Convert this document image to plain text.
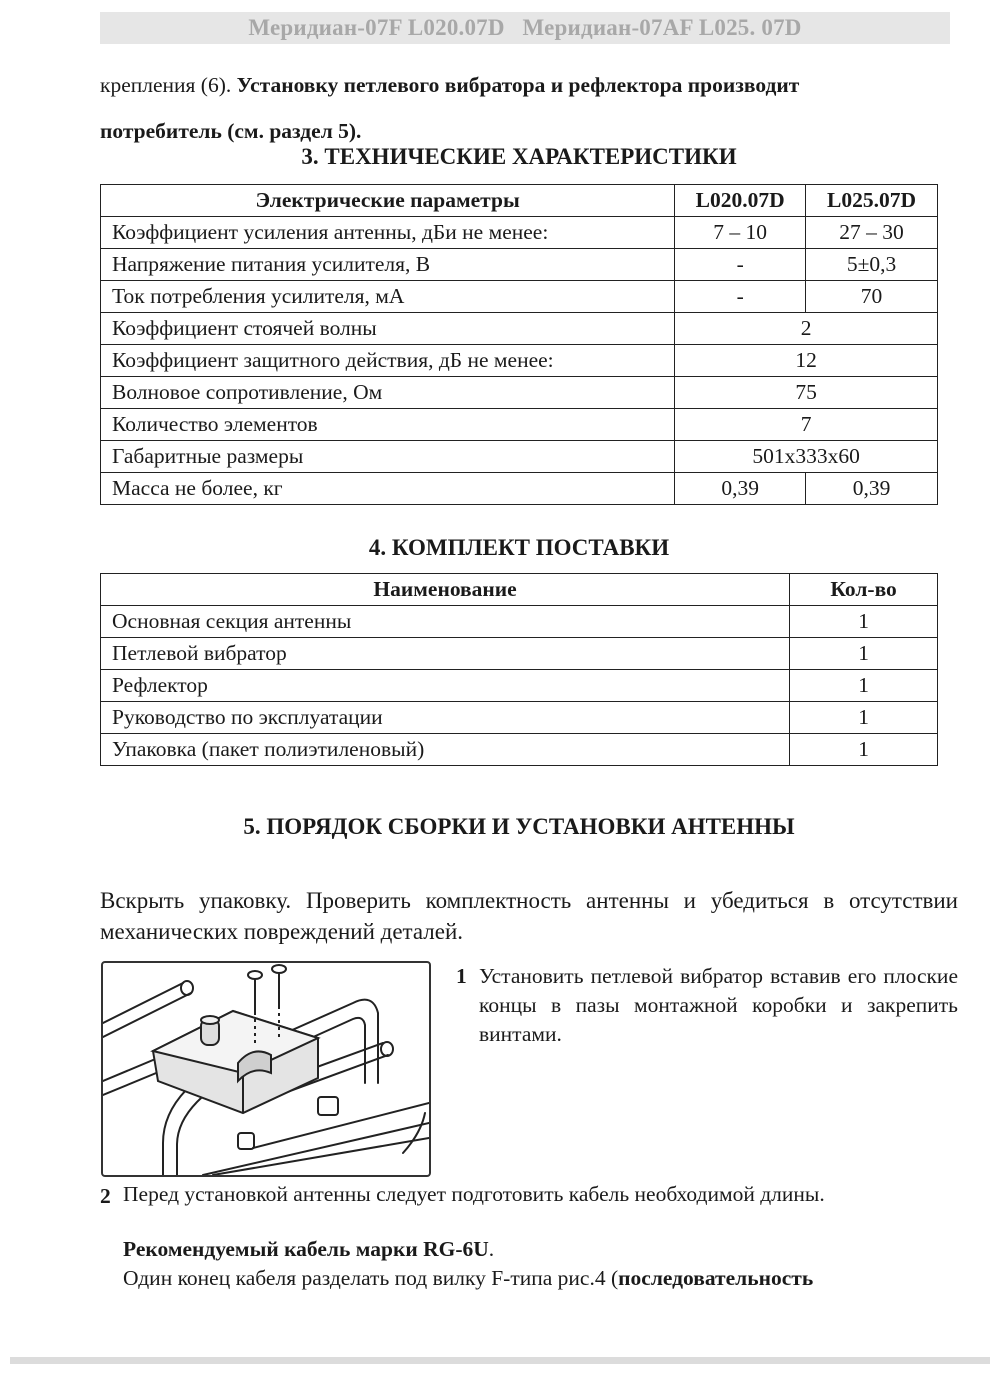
Меридиан-07F L020.07D   Меридиан-07AF L025. 07D
крепления (6). Установку петлевого вибратора и рефлектора производит
потребитель (см. раздел 5).
3. ТЕХНИЧЕСКИЕ ХАРАКТЕРИСТИКИ
Электрические параметры	L020.07D	L025.07D
Коэффициент усиления антенны, дБи не менее:	7 – 10	27 – 30
Напряжение питания усилителя, В	-	5±0,3
Ток потребления усилителя, мА	-	70
Коэффициент стоячей волны	2	
Коэффициент защитного действия, дБ не менее:	12	
Волновое сопротивление, Ом	75	
Количество элементов	7	
Габаритные размеры	501x333x60	
Масса не более, кг	0,39	0,39
4. КОМПЛЕКТ ПОСТАВКИ
Наименование	Кол-во
Основная секция антенны	1
Петлевой вибратор	1
Рефлектор	1
Руководство по эксплуатации	1
Упаковка (пакет полиэтиленовый)	1
5. ПОРЯДОК СБОРКИ И УСТАНОВКИ АНТЕННЫ
Вскрыть упаковку. Проверить комплектность антенны и убедиться в отсутствии механических повреждений деталей.
1 Установить петлевой вибратор вставив его плоские концы в пазы монтажной коробки и закрепить винтами.
2 Перед установкой антенны следует подготовить кабель необходимой длины.
Рекомендуемый кабель марки RG-6U.
Один конец кабеля разделать под вилку F-типа рис.4 (последовательность
